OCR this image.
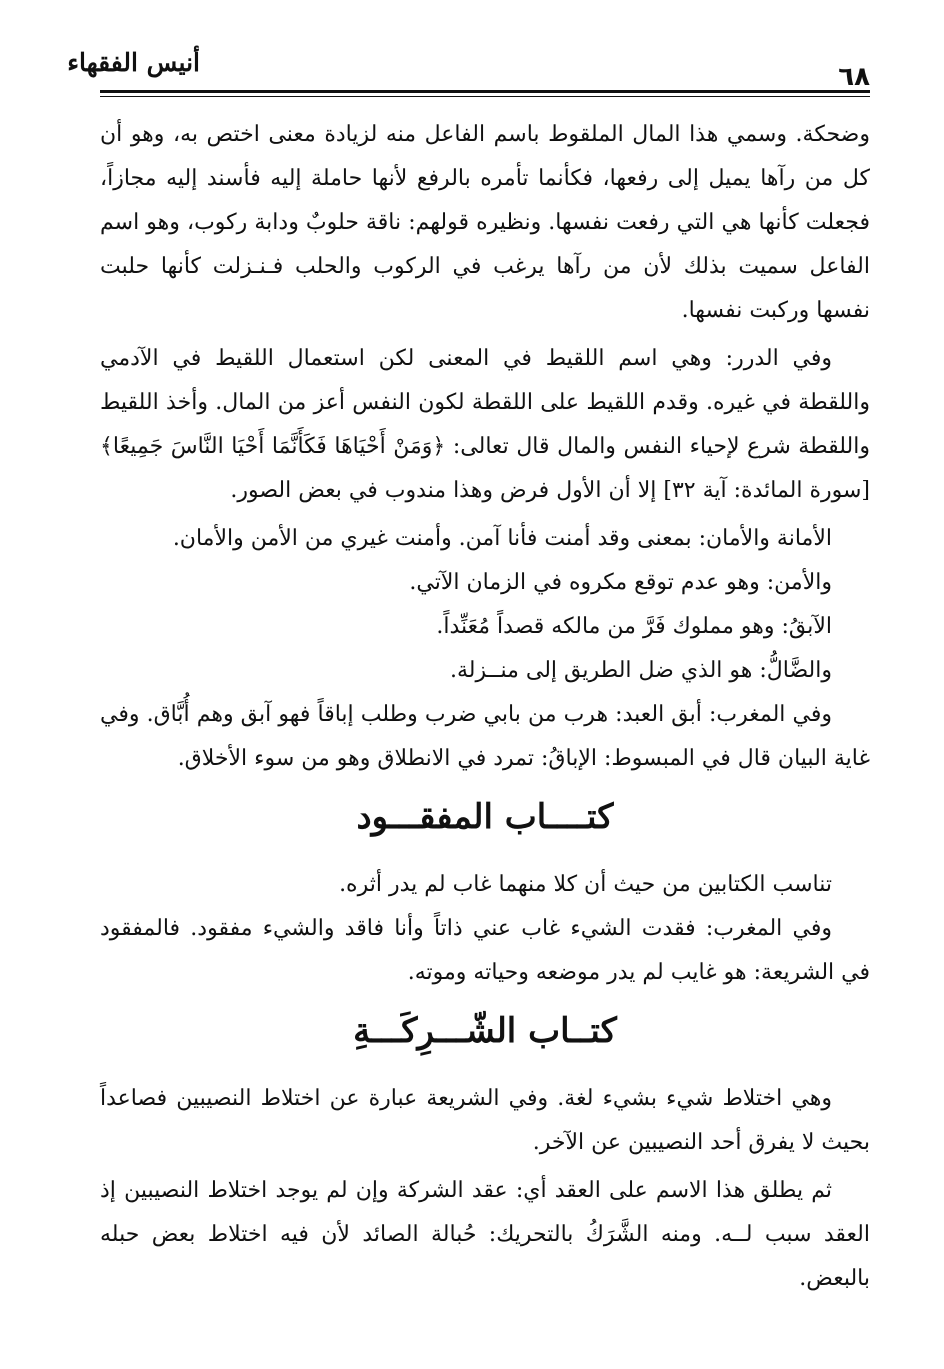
أنيس الفقهاء	٦٨

وضحكة. وسمي هذا المال الملقوط باسم الفاعل منه لزيادة معنى اختص به، وهو أن كل من رآها يميل إلى رفعها، فكأنما تأمره بالرفع لأنها حاملة إليه فأسند إليه مجازاً، فجعلت كأنها هي التي رفعت نفسها. ونظيره قولهم: ناقة حلوبٌ ودابة ركوب، وهو اسم الفاعل سميت بذلك لأن من رآها يرغب في الركوب والحلب فـنـزلت كأنها حلبت نفسها وركبت نفسها.

وفي الدرر: وهي اسم اللقيط في المعنى لكن استعمال اللقيط في الآدمي واللقطة في غيره. وقدم اللقيط على اللقطة لكون النفس أعز من المال. وأخذ اللقيط واللقطة شرع لإحياء النفس والمال قال تعالى: ﴿وَمَنْ أَحْيَاهَا فَكَأَنَّمَا أَحْيَا النَّاسَ جَمِيعًا﴾ [سورة المائدة: آية ٣٢] إلا أن الأول فرض وهذا مندوب في بعض الصور.

الأمانة والأمان: بمعنى وقد أمنت فأنا آمن. وأمنت غيري من الأمن والأمان.

والأمن: وهو عدم توقع مكروه في الزمان الآتي.

الآبقُ: وهو مملوك فَرَّ من مالكه قصداً مُعَنِّداً.

والضَّالُّ: هو الذي ضل الطريق إلى منــزلة.

وفي المغرب: أبق العبد: هرب من بابي ضرب وطلب إباقاً فهو آبق وهم أُبَّاق. وفي غاية البيان قال في المبسوط: الإباقُ: تمرد في الانطلاق وهو من سوء الأخلاق.

كتــــاب المفقـــود

تناسب الكتابين من حيث أن كلا منهما غاب لم يدر أثره.

وفي المغرب: فقدت الشيء غاب عني ذاتاً وأنا فاقد والشيء مفقود. فالمفقود في الشريعة: هو غايب لم يدر موضعه وحياته وموته.

كتــاب الشّـــرِكَـــةِ

وهي اختلاط شيء بشيء لغة. وفي الشريعة عبارة عن اختلاط النصيبين فصاعداً بحيث لا يفرق أحد النصيبين عن الآخر.

ثم يطلق هذا الاسم على العقد أي: عقد الشركة وإن لم يوجد اختلاط النصيبين إذ العقد سبب لــه. ومنه الشَّرَكُ بالتحريك: حُبالة الصائد لأن فيه اختلاط بعض حبله بالبعض.
